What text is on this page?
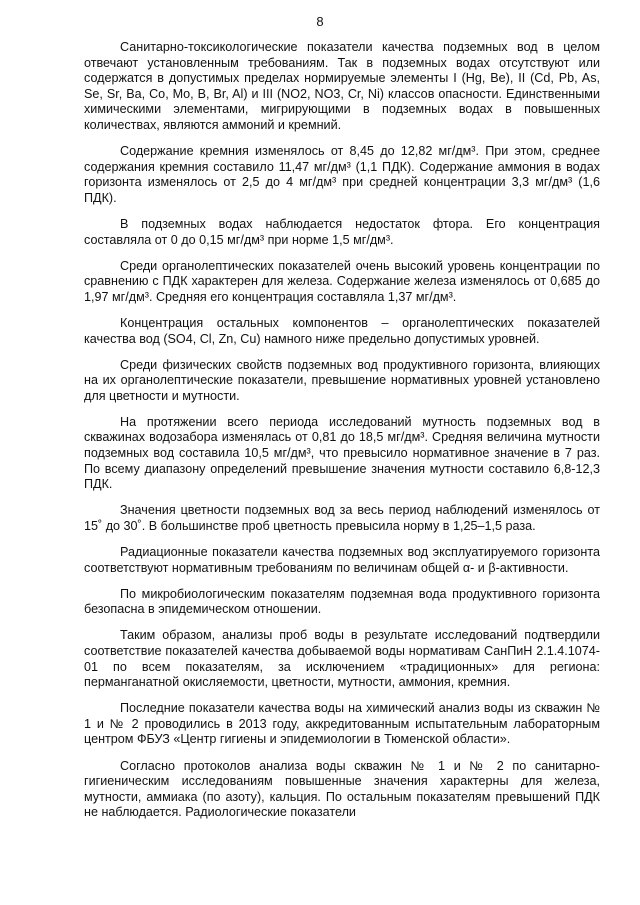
8

Санитарно-токсикологические показатели качества подземных вод в целом отвечают установленным требованиям. Так в подземных водах отсутствуют или содержатся в допустимых пределах нормируемые элементы I (Hg, Be), II (Cd, Pb, As, Se, Sr, Ba, Co, Mo, B, Br, Al) и III (NO2, NO3, Cr, Ni) классов опасности. Единственными химическими элементами, мигрирующими в подземных водах в повышенных количествах, являются аммоний и кремний.

Содержание кремния изменялось от 8,45 до 12,82 мг/дм³. При этом, среднее содержания кремния составило 11,47 мг/дм³ (1,1 ПДК). Содержание аммония в водах горизонта изменялось от 2,5 до 4 мг/дм³ при средней концентрации 3,3 мг/дм³ (1,6 ПДК).

В подземных водах наблюдается недостаток фтора. Его концентрация составляла от 0 до 0,15 мг/дм³ при норме 1,5 мг/дм³.

Среди органолептических показателей очень высокий уровень концентрации по сравнению с ПДК характерен для железа. Содержание железа изменялось от 0,685 до 1,97 мг/дм³. Средняя его концентрация составляла 1,37 мг/дм³.

Концентрация остальных компонентов – органолептических показателей качества вод (SO4, Cl, Zn, Cu) намного ниже предельно допустимых уровней.

Среди физических свойств подземных вод продуктивного горизонта, влияющих на их органолептические показатели, превышение нормативных уровней установлено для цветности и мутности.

На протяжении всего периода исследований мутность подземных вод в скважинах водозабора изменялась от 0,81 до 18,5 мг/дм³. Средняя величина мутности подземных вод составила 10,5 мг/дм³, что превысило нормативное значение в 7 раз. По всему диапазону определений превышение значения мутности составило 6,8-12,3 ПДК.

Значения цветности подземных вод за весь период наблюдений изменялось от 15˚ до 30˚. В большинстве проб цветность превысила норму в 1,25–1,5 раза.

Радиационные показатели качества подземных вод эксплуатируемого горизонта соответствуют нормативным требованиям по величинам общей α- и β-активности.

По микробиологическим показателям подземная вода продуктивного горизонта безопасна в эпидемическом отношении.

Таким образом, анализы проб воды в результате исследований подтвердили соответствие показателей качества добываемой воды нормативам СанПиН 2.1.4.1074-01 по всем показателям, за исключением «традиционных» для региона: перманганатной окисляемости, цветности, мутности, аммония, кремния.

Последние показатели качества воды на химический анализ воды из скважин № 1 и № 2 проводились в 2013 году, аккредитованным испытательным лабораторным центром ФБУЗ «Центр гигиены и эпидемиологии в Тюменской области».

Согласно протоколов анализа воды скважин № 1 и № 2 по санитарно-гигиеническим исследованиям повышенные значения характерны для железа, мутности, аммиака (по азоту), кальция. По остальным показателям превышений ПДК не наблюдается. Радиологические показатели
